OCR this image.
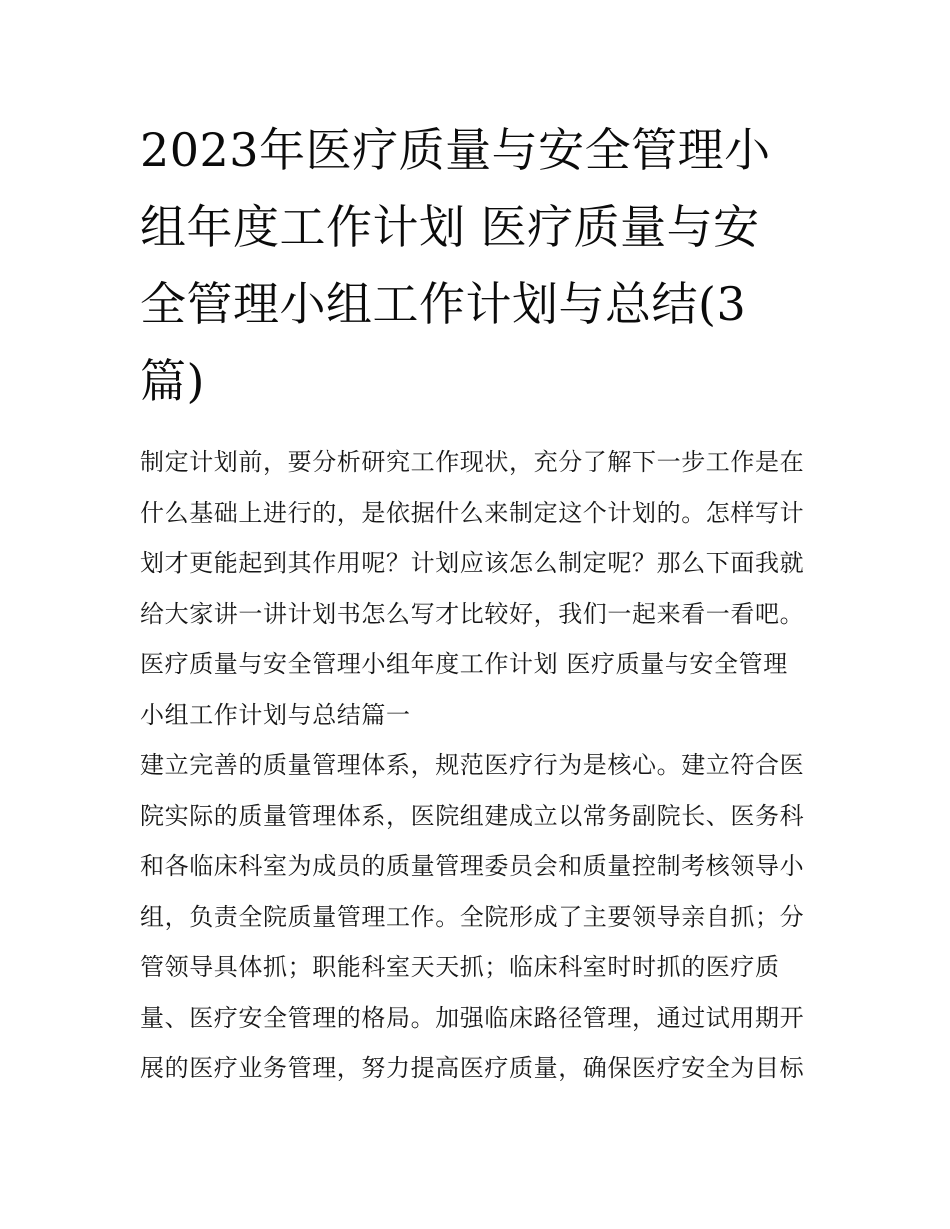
2023年医疗质量与安全管理小
组年度工作计划 医疗质量与安
全管理小组工作计划与总结(3
篇)
制定计划前，要分析研究工作现状，充分了解下一步工作是在
什么基础上进行的，是依据什么来制定这个计划的。怎样写计
划才更能起到其作用呢？计划应该怎么制定呢？那么下面我就
给大家讲一讲计划书怎么写才比较好，我们一起来看一看吧。
医疗质量与安全管理小组年度工作计划 医疗质量与安全管理
小组工作计划与总结篇一
建立完善的质量管理体系，规范医疗行为是核心。建立符合医
院实际的质量管理体系，医院组建成立以常务副院长、医务科
和各临床科室为成员的质量管理委员会和质量控制考核领导小
组，负责全院质量管理工作。全院形成了主要领导亲自抓；分
管领导具体抓；职能科室天天抓；临床科室时时抓的医疗质
量、医疗安全管理的格局。加强临床路径管理，通过试用期开
展的医疗业务管理，努力提高医疗质量，确保医疗安全为目标
